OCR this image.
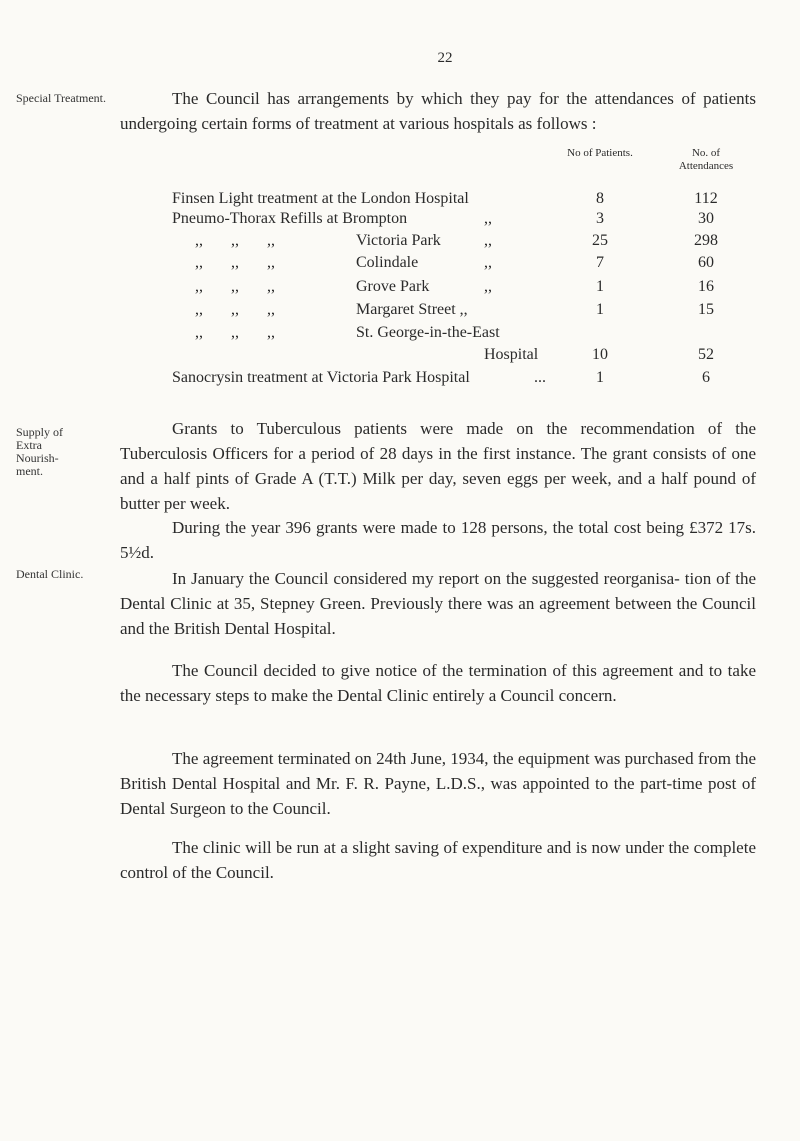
22
Special Treatment.	The Council has arrangements by which they pay for the attendances of patients undergoing certain forms of treatment at various hospitals as follows :
No of Patients.	No. of Attendances
Finsen Light treatment at the London Hospital	8	112
Pneumo-Thorax Refills at Brompton	,,	3	30
,,       ,,       ,,	Victoria Park	,,	25	298
,,       ,,       ,,	Colindale	,,	7	60
,,       ,,       ,,	Grove Park	,,	1	16
,,       ,,       ,,	Margaret Street ,,	1	15
,,       ,,       ,,	St. George-in-the-East
Hospital	10	52
Sanocrysin treatment at Victoria Park Hospital	...	1	6
Supply of Extra Nourish- ment.
Grants to Tuberculous patients were made on the recommendation of the Tuberculosis Officers for a period of 28 days in the first instance. The grant consists of one and a half pints of Grade A (T.T.) Milk per day, seven eggs per week, and a half pound of butter per week.
During the year 396 grants were made to 128 persons, the total cost being £372 17s. 5½d.
Dental Clinic.	In January the Council considered my report on the suggested reorganisa- tion of the Dental Clinic at 35, Stepney Green. Previously there was an agreement between the Council and the British Dental Hospital.
The Council decided to give notice of the termination of this agreement and to take the necessary steps to make the Dental Clinic entirely a Council concern.
The agreement terminated on 24th June, 1934, the equipment was purchased from the British Dental Hospital and Mr. F. R. Payne, L.D.S., was appointed to the part-time post of Dental Surgeon to the Council.
The clinic will be run at a slight saving of expenditure and is now under the complete control of the Council.
